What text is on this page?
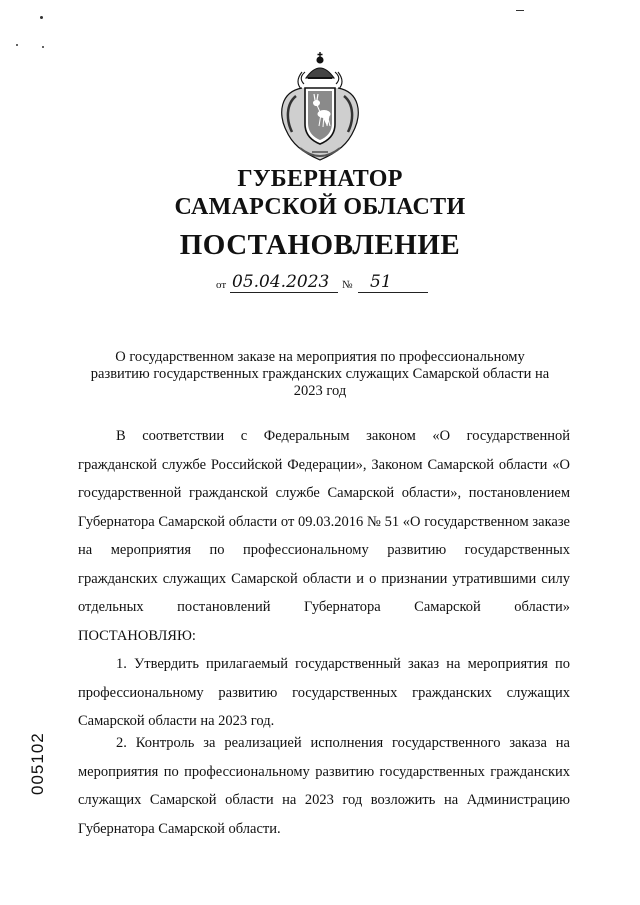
ГУБЕРНАТОР
САМАРСКОЙ ОБЛАСТИ
ПОСТАНОВЛЕНИЕ
от 05.04.2023 № 51
О государственном заказе на мероприятия по профессиональному развитию государственных гражданских служащих Самарской области на 2023 год

В соответствии с Федеральным законом «О государственной гражданской службе Российской Федерации», Законом Самарской области «О государственной гражданской службе Самарской области», постановлением Губернатора Самарской области от 09.03.2016 № 51 «О государственном заказе на мероприятия по профессиональному развитию государственных гражданских служащих Самарской области и о признании утратившими силу отдельных постановлений Губернатора Самарской области» ПОСТАНОВЛЯЮ:

1. Утвердить прилагаемый государственный заказ на мероприятия по профессиональному развитию государственных гражданских служащих Самарской области на 2023 год.

2. Контроль за реализацией исполнения государственного заказа на мероприятия по профессиональному развитию государственных гражданских служащих Самарской области на 2023 год возложить на Администрацию Губернатора Самарской области.

005102
